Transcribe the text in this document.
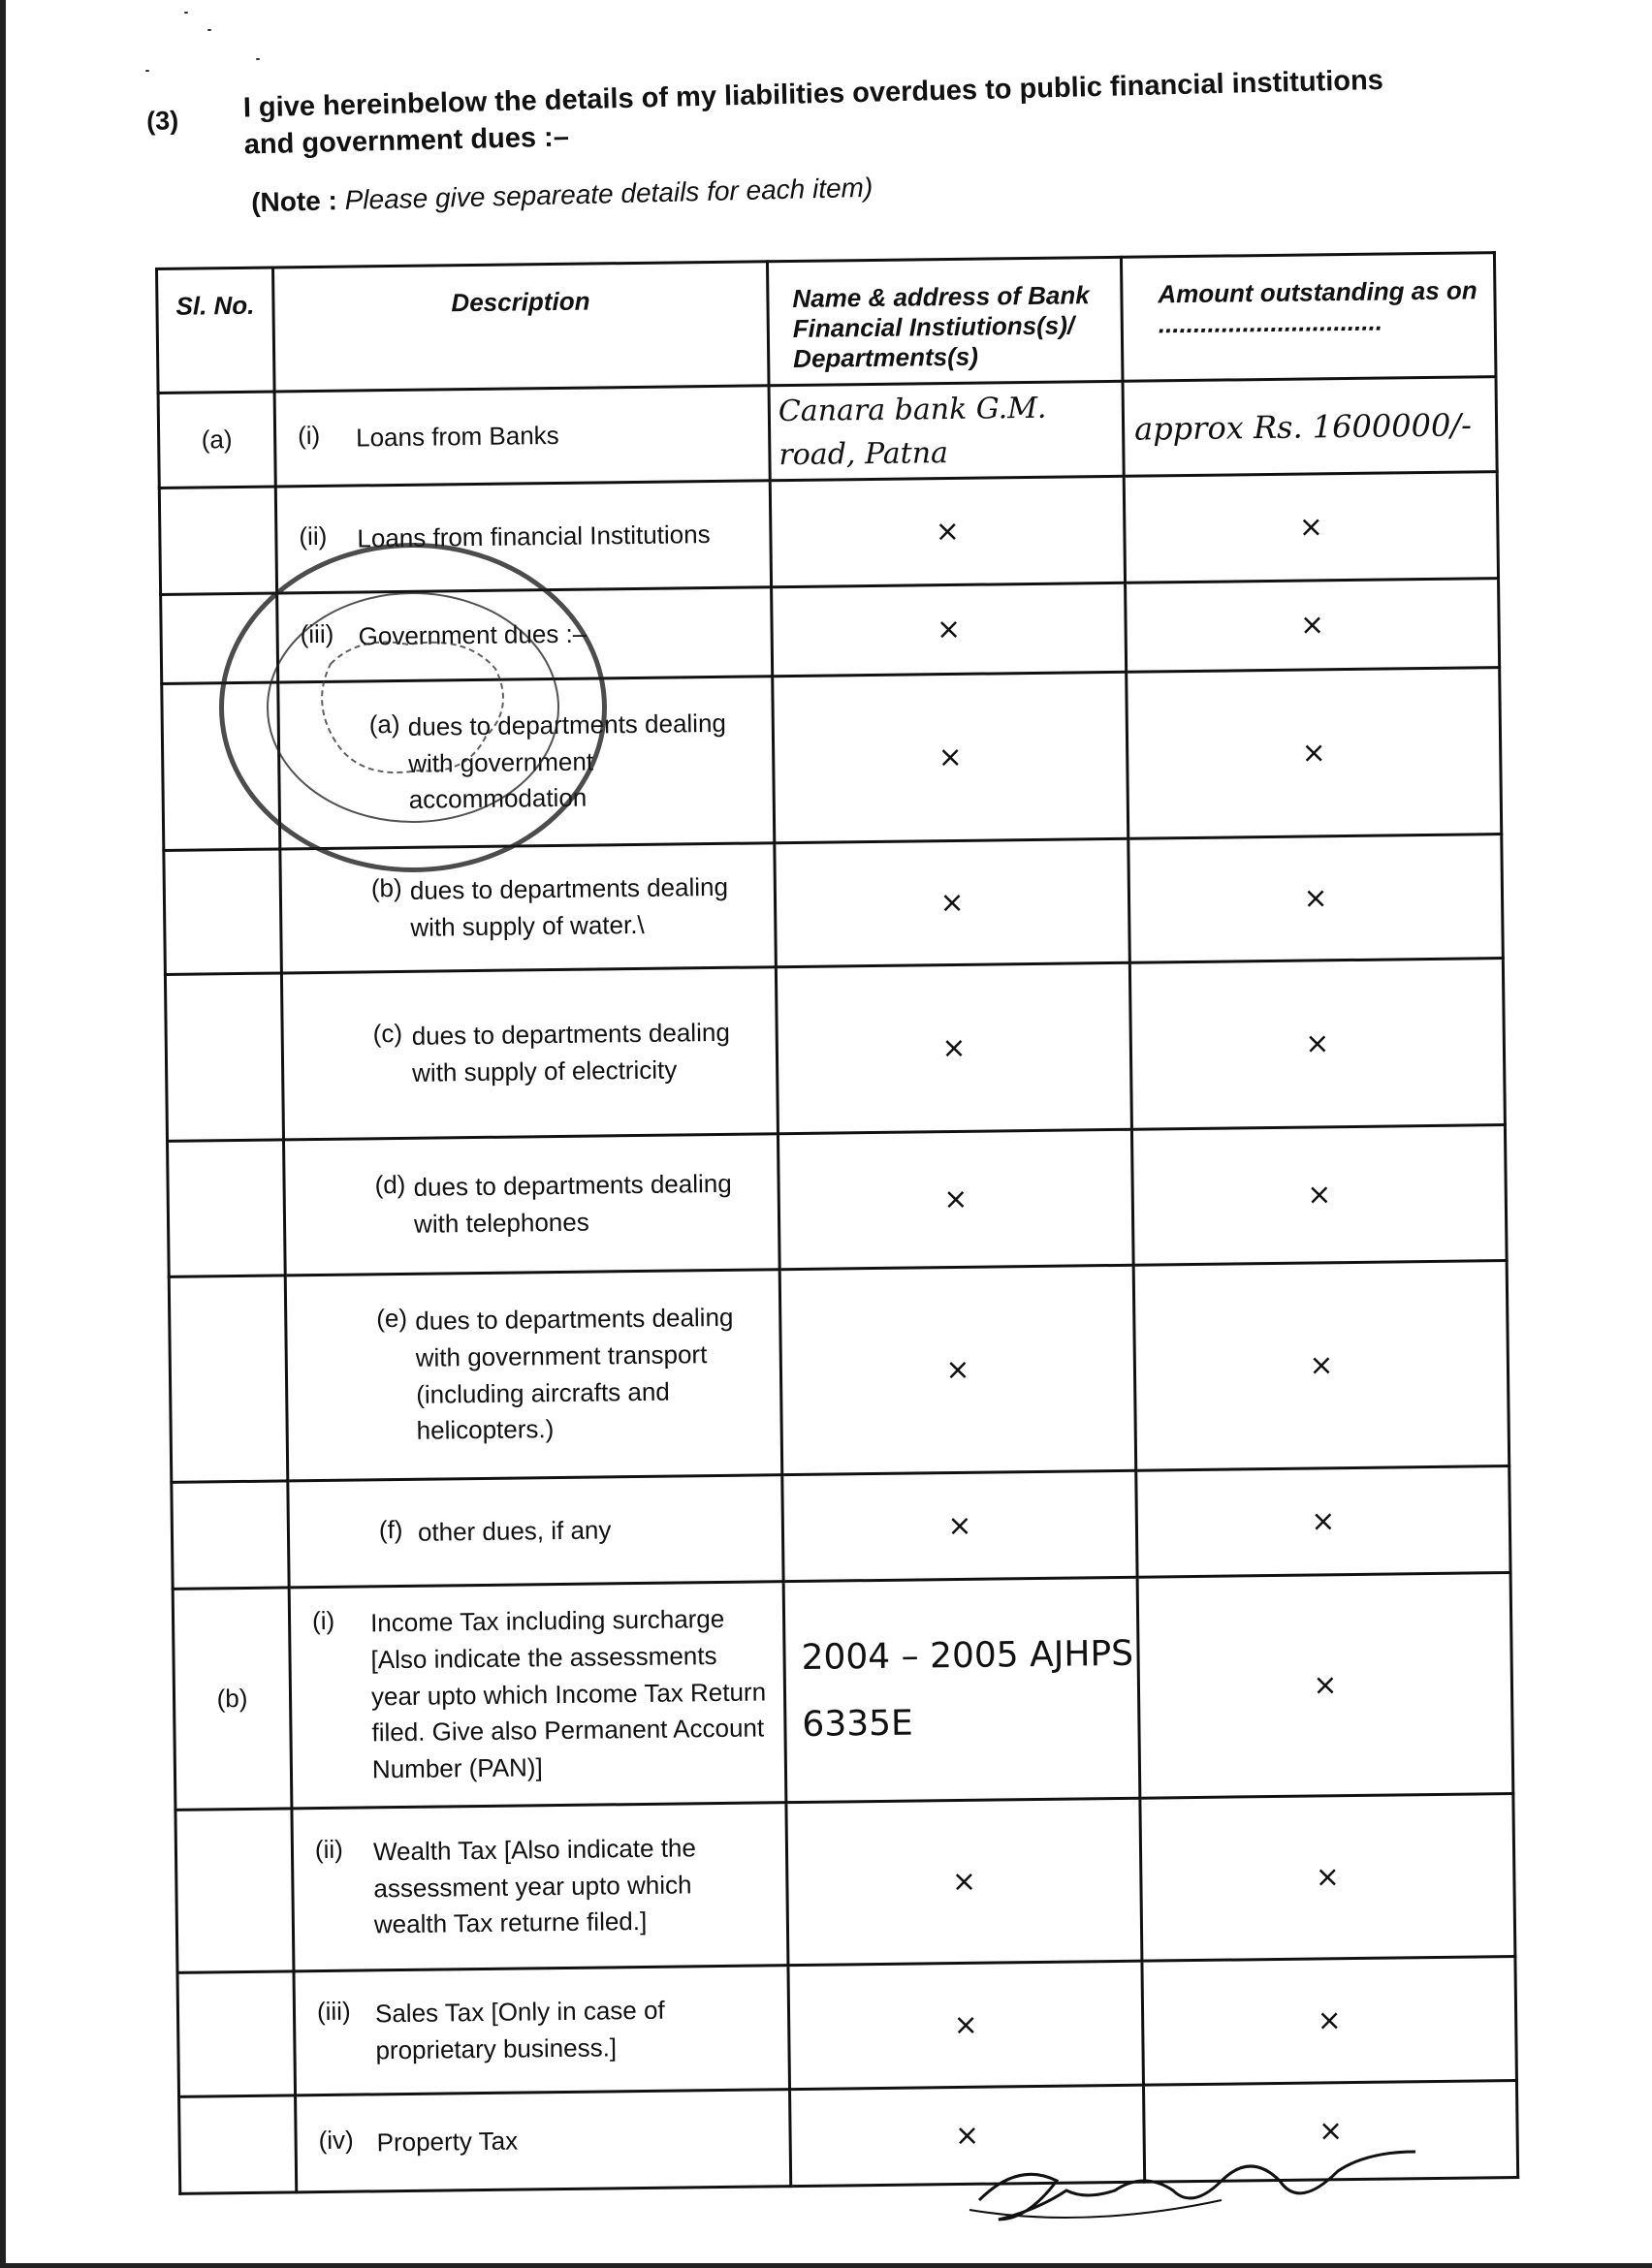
(3) I give hereinbelow the details of my liabilities overdues to public financial institutions
and government dues :–
(Note : Please give separeate details for each item)
Sl. No.	Description	Name & address of Bank Financial Instiutions(s)/ Departments(s)	Amount outstanding as on ................................
(a)	(i) Loans from Banks	Canara bank G.M. road, Patna	approx Rs. 1600000/-

	(ii) Loans from financial Institutions	×	×

	(iii) Government dues :–	×	×

	(a) dues to departments dealing with government accommodation	×	×

	(b) dues to departments dealing with supply of water.\	×	×

	(c) dues to departments dealing with supply of electricity	×	×

	(d) dues to departments dealing with telephones	×	×

	(e) dues to departments dealing with government transport (including aircrafts and helicopters.)	×	×

	(f) other dues, if any	×	×
(b)	(i) Income Tax including surcharge [Also indicate the assessments year upto which Income Tax Return filed. Give also Permanent Account Number (PAN)]	2004 – 2005 AJHPS 6335E	×

	(ii) Wealth Tax [Also indicate the assessment year upto which wealth Tax returne filed.]	×	×

	(iii) Sales Tax [Only in case of proprietary business.]	×	×

	(iv) Property Tax	×	×
